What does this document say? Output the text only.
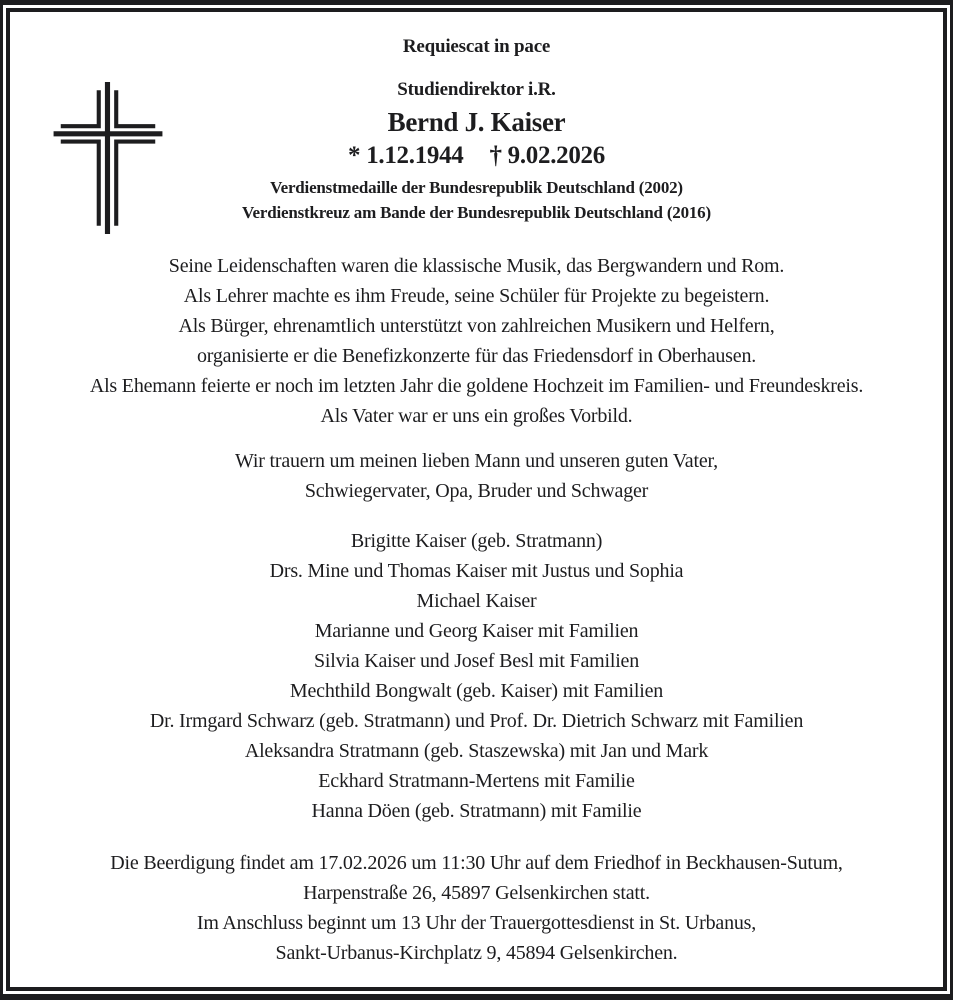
Requiescat in pace
Studiendirektor i.R.
Bernd J. Kaiser
* 1.12.1944 † 9.02.2026
Verdienstmedaille der Bundesrepublik Deutschland (2002)
Verdienstkreuz am Bande der Bundesrepublik Deutschland (2016)
Seine Leidenschaften waren die klassische Musik, das Bergwandern und Rom.
Als Lehrer machte es ihm Freude, seine Schüler für Projekte zu begeistern.
Als Bürger, ehrenamtlich unterstützt von zahlreichen Musikern und Helfern,
organisierte er die Benefizkonzerte für das Friedensdorf in Oberhausen.
Als Ehemann feierte er noch im letzten Jahr die goldene Hochzeit im Familien- und Freundeskreis.
Als Vater war er uns ein großes Vorbild.
Wir trauern um meinen lieben Mann und unseren guten Vater,
Schwiegervater, Opa, Bruder und Schwager
Brigitte Kaiser (geb. Stratmann)
Drs. Mine und Thomas Kaiser mit Justus und Sophia
Michael Kaiser
Marianne und Georg Kaiser mit Familien
Silvia Kaiser und Josef Besl mit Familien
Mechthild Bongwalt (geb. Kaiser) mit Familien
Dr. Irmgard Schwarz (geb. Stratmann) und Prof. Dr. Dietrich Schwarz mit Familien
Aleksandra Stratmann (geb. Staszewska) mit Jan und Mark
Eckhard Stratmann-Mertens mit Familie
Hanna Döen (geb. Stratmann) mit Familie
Die Beerdigung findet am 17.02.2026 um 11:30 Uhr auf dem Friedhof in Beckhausen-Sutum,
Harpenstraße 26, 45897 Gelsenkirchen statt.
Im Anschluss beginnt um 13 Uhr der Trauergottesdienst in St. Urbanus,
Sankt-Urbanus-Kirchplatz 9, 45894 Gelsenkirchen.
